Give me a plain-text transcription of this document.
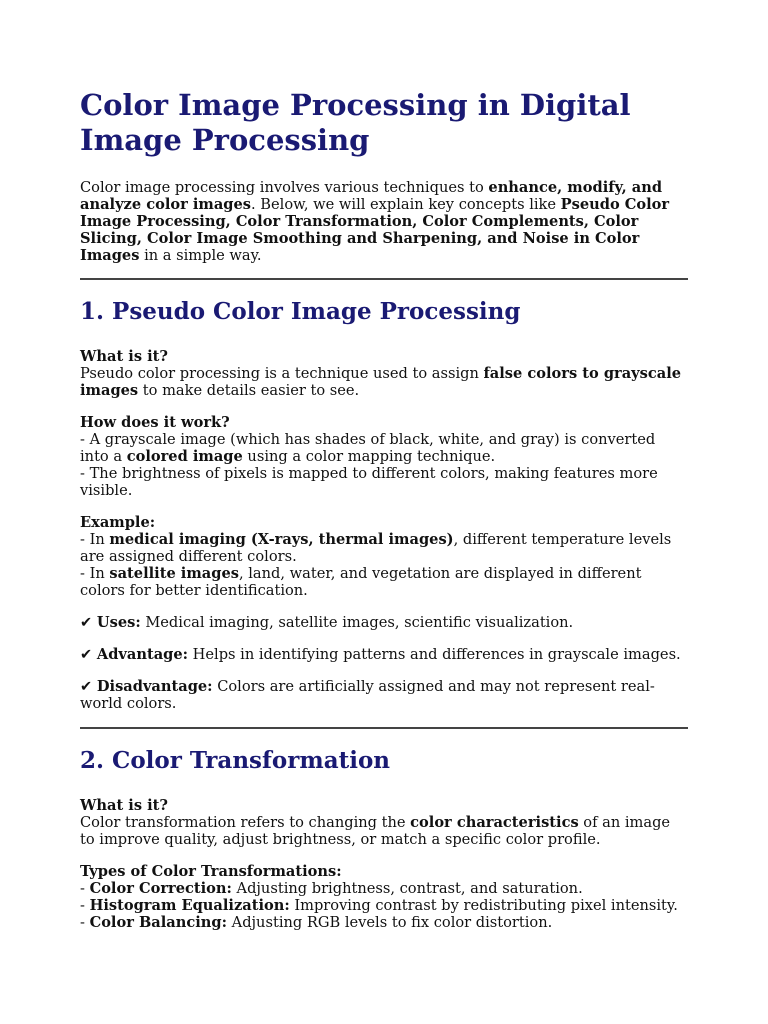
Color Image Processing in Digital Image Processing

Color image processing involves various techniques to enhance, modify, and analyze color images. Below, we will explain key concepts like Pseudo Color Image Processing, Color Transformation, Color Complements, Color Slicing, Color Image Smoothing and Sharpening, and Noise in Color Images in a simple way.

1. Pseudo Color Image Processing

What is it?
Pseudo color processing is a technique used to assign false colors to grayscale images to make details easier to see.

How does it work?
- A grayscale image (which has shades of black, white, and gray) is converted into a colored image using a color mapping technique.
- The brightness of pixels is mapped to different colors, making features more visible.

Example:
- In medical imaging (X-rays, thermal images), different temperature levels are assigned different colors.
- In satellite images, land, water, and vegetation are displayed in different colors for better identification.

✔ Uses: Medical imaging, satellite images, scientific visualization.

✔ Advantage: Helps in identifying patterns and differences in grayscale images.

✔ Disadvantage: Colors are artificially assigned and may not represent real-world colors.

2. Color Transformation

What is it?
Color transformation refers to changing the color characteristics of an image to improve quality, adjust brightness, or match a specific color profile.

Types of Color Transformations:
- Color Correction: Adjusting brightness, contrast, and saturation.
- Histogram Equalization: Improving contrast by redistributing pixel intensity.
- Color Balancing: Adjusting RGB levels to fix color distortion.
